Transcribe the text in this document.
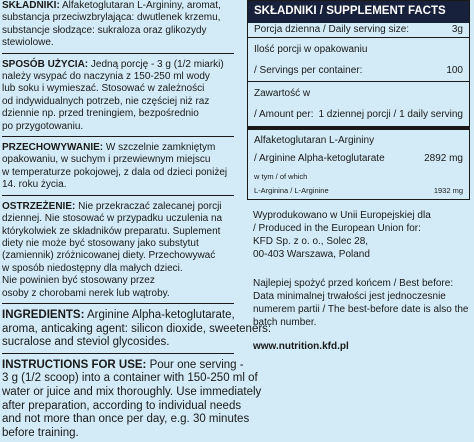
SKŁADNIKI: Alfaketoglutaran L-Argininy, aromat,

substancja przeciwzbrylająca: dwutlenek krzemu,

substancje słodzące: sukraloza oraz glikozydy

stewiolowe.

SPOSÓB UŻYCIA: Jedną porcję - 3 g (1/2 miarki)

należy wsypać do naczynia z 150-250 ml wody

lub soku i wymieszać. Stosować w zależności

od indywidualnych potrzeb, nie częściej niż raz

dziennie np. przed treningiem, bezpośrednio

po przygotowaniu.

PRZECHOWYWANIE: W szczelnie zamkniętym

opakowaniu, w suchym i przewiewnym miejscu

w temperaturze pokojowej, z dala od dzieci poniżej

14. roku życia.

OSTRZEŻENIE: Nie przekraczać zalecanej porcji

dziennej. Nie stosować w przypadku uczulenia na

którykolwiek ze składników preparatu. Suplement

diety nie może być stosowany jako substytut

(zamiennik) zróżnicowanej diety. Przechowywać

w sposób niedostępny dla małych dzieci.

Nie powinien być stosowany przez

osoby z chorobami nerek lub wątroby.

INGREDIENTS: Arginine Alpha-ketoglutarate,

aroma, anticaking agent: silicon dioxide, sweeteners:

sucralose and steviol glycosides.

INSTRUCTIONS FOR USE: Pour one serving -

3 g (1/2 scoop) into a container with 150-250 ml of

water or juice and mix thoroughly. Use immediately

after preparation, according to individual needs

and not more than once per day, e.g. 30 minutes

before training.

SKŁADNIKI / SUPPLEMENT FACTS
Porcja dzienna / Daily serving size:	3g

Ilość porcji w opakowaniu

/ Servings per container:	100

Zawartość w

/ Amount per: 1 dziennej porcji / 1 daily serving

Alfaketoglutaran L-Argininy

/ Arginine Alpha-ketoglutarate	2892 mg

w tym / of which
L-Arginina / L-Arginine	1932 mg

Wyprodukowano w Unii Europejskiej dla

/ Produced in the European Union for:

KFD Sp. z o. o., Solec 28,

00-403 Warszawa, Poland

Najlepiej spożyć przed końcem / Best before:

Data minimalnej trwałości jest jednoczesnie

numerem partii / The best-before date is also the

batch number.

www.nutrition.kfd.pl
